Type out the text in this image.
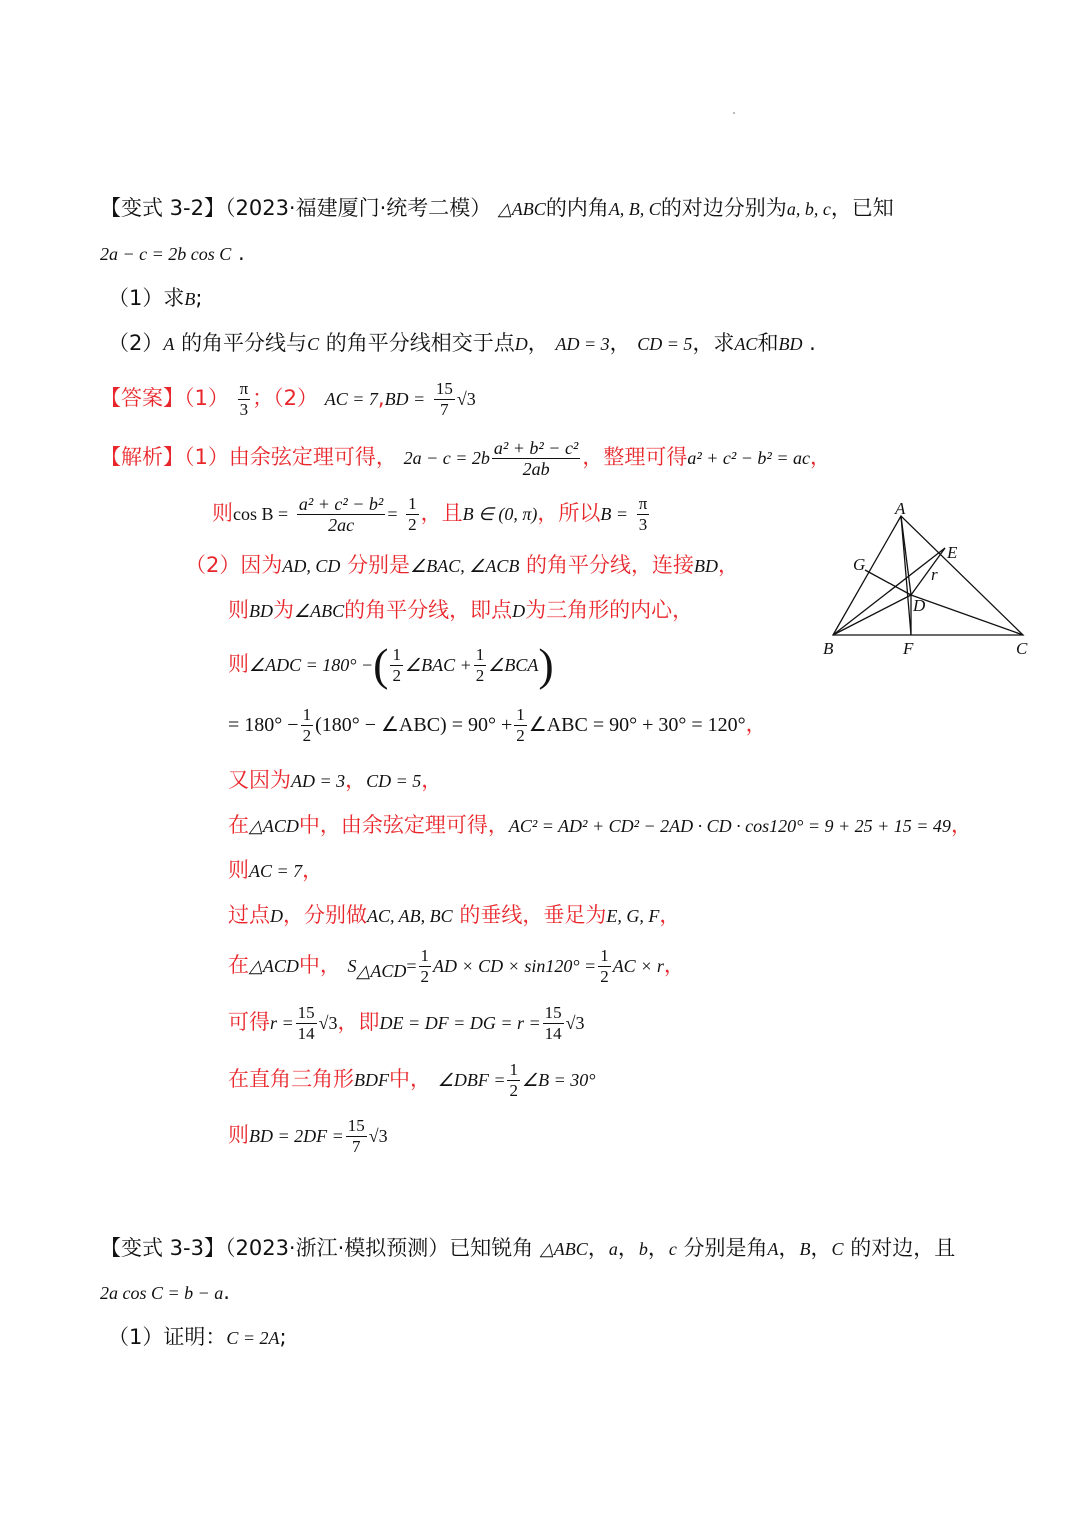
【变式 3-2】（2023·福建厦门·统考二模） △ABC的内角A, B, C的对边分别为a, b, c，已知
2a − c = 2b cos C .
（1）求B;
（2）A 的角平分线与C 的角平分线相交于点D， AD = 3， CD = 5，求AC和BD .
【答案】$(1) \frac{\pi}{3}$ ；（2） AC = $7,BD = \frac{15}{7} √3$
【解析】（1）由余弦定理可得， $2a - c = 2b \frac{\text{a² + b² − c²}}{2ab}$ ，整理可得a² + c² − b² = ac，
则$\cos B = \frac{\text{a² + c² − b²}}{2ac} = \frac{1}{2}$ ，且B ∈ (0, π)，所以$B = \frac{\pi}{3}$
（2）因为AD, CD 分别是∠BAC, ∠ACB 的角平分线，连接BD，
则BD为∠ABC的角平分线，即点D为三角形的内心，
则∠ADC = 180° −( $\frac{1}{2}$ ∠BAC + $\frac{1}{2}$ ∠BCA)
= $180^\circ - \frac{1}{2} (180^\circ$ − ∠ABC) = $90^\circ + \frac{1}{2}$ ∠ABC = 90° + 30° = 120°，
又因为AD = 3，CD = 5，
在△ACD中，由余弦定理可得，AC² = AD² + CD² − 2AD · CD · cos120° = 9 + 25 + 15 = 49，
则AC = 7，
过点D，分别做AC, AB, BC 的垂线，垂足为E, G, F，
在△ACD中， $S_{\triangle ACD}= \frac{1}{2}$ AD × CD × $\sin 120^\circ = \frac{1}{2}$ AC × r，
可得$r = \frac{15}{14} √3$，即DE = DF = DG = $r = \frac{15}{14} √3$
在直角三角形BDF中， ∠DBF = $\frac{1}{2}$ ∠B = 30°
则BD = $2DF = \frac{15}{7} √3$
A
B	C
D
E
F
G
r
【变式 3-3】（2023·浙江·模拟预测）已知锐角 △ABC，a，b，c 分别是角A，B，C 的对边，且
2a cos C = b − a.
（1）证明：C = 2A;
